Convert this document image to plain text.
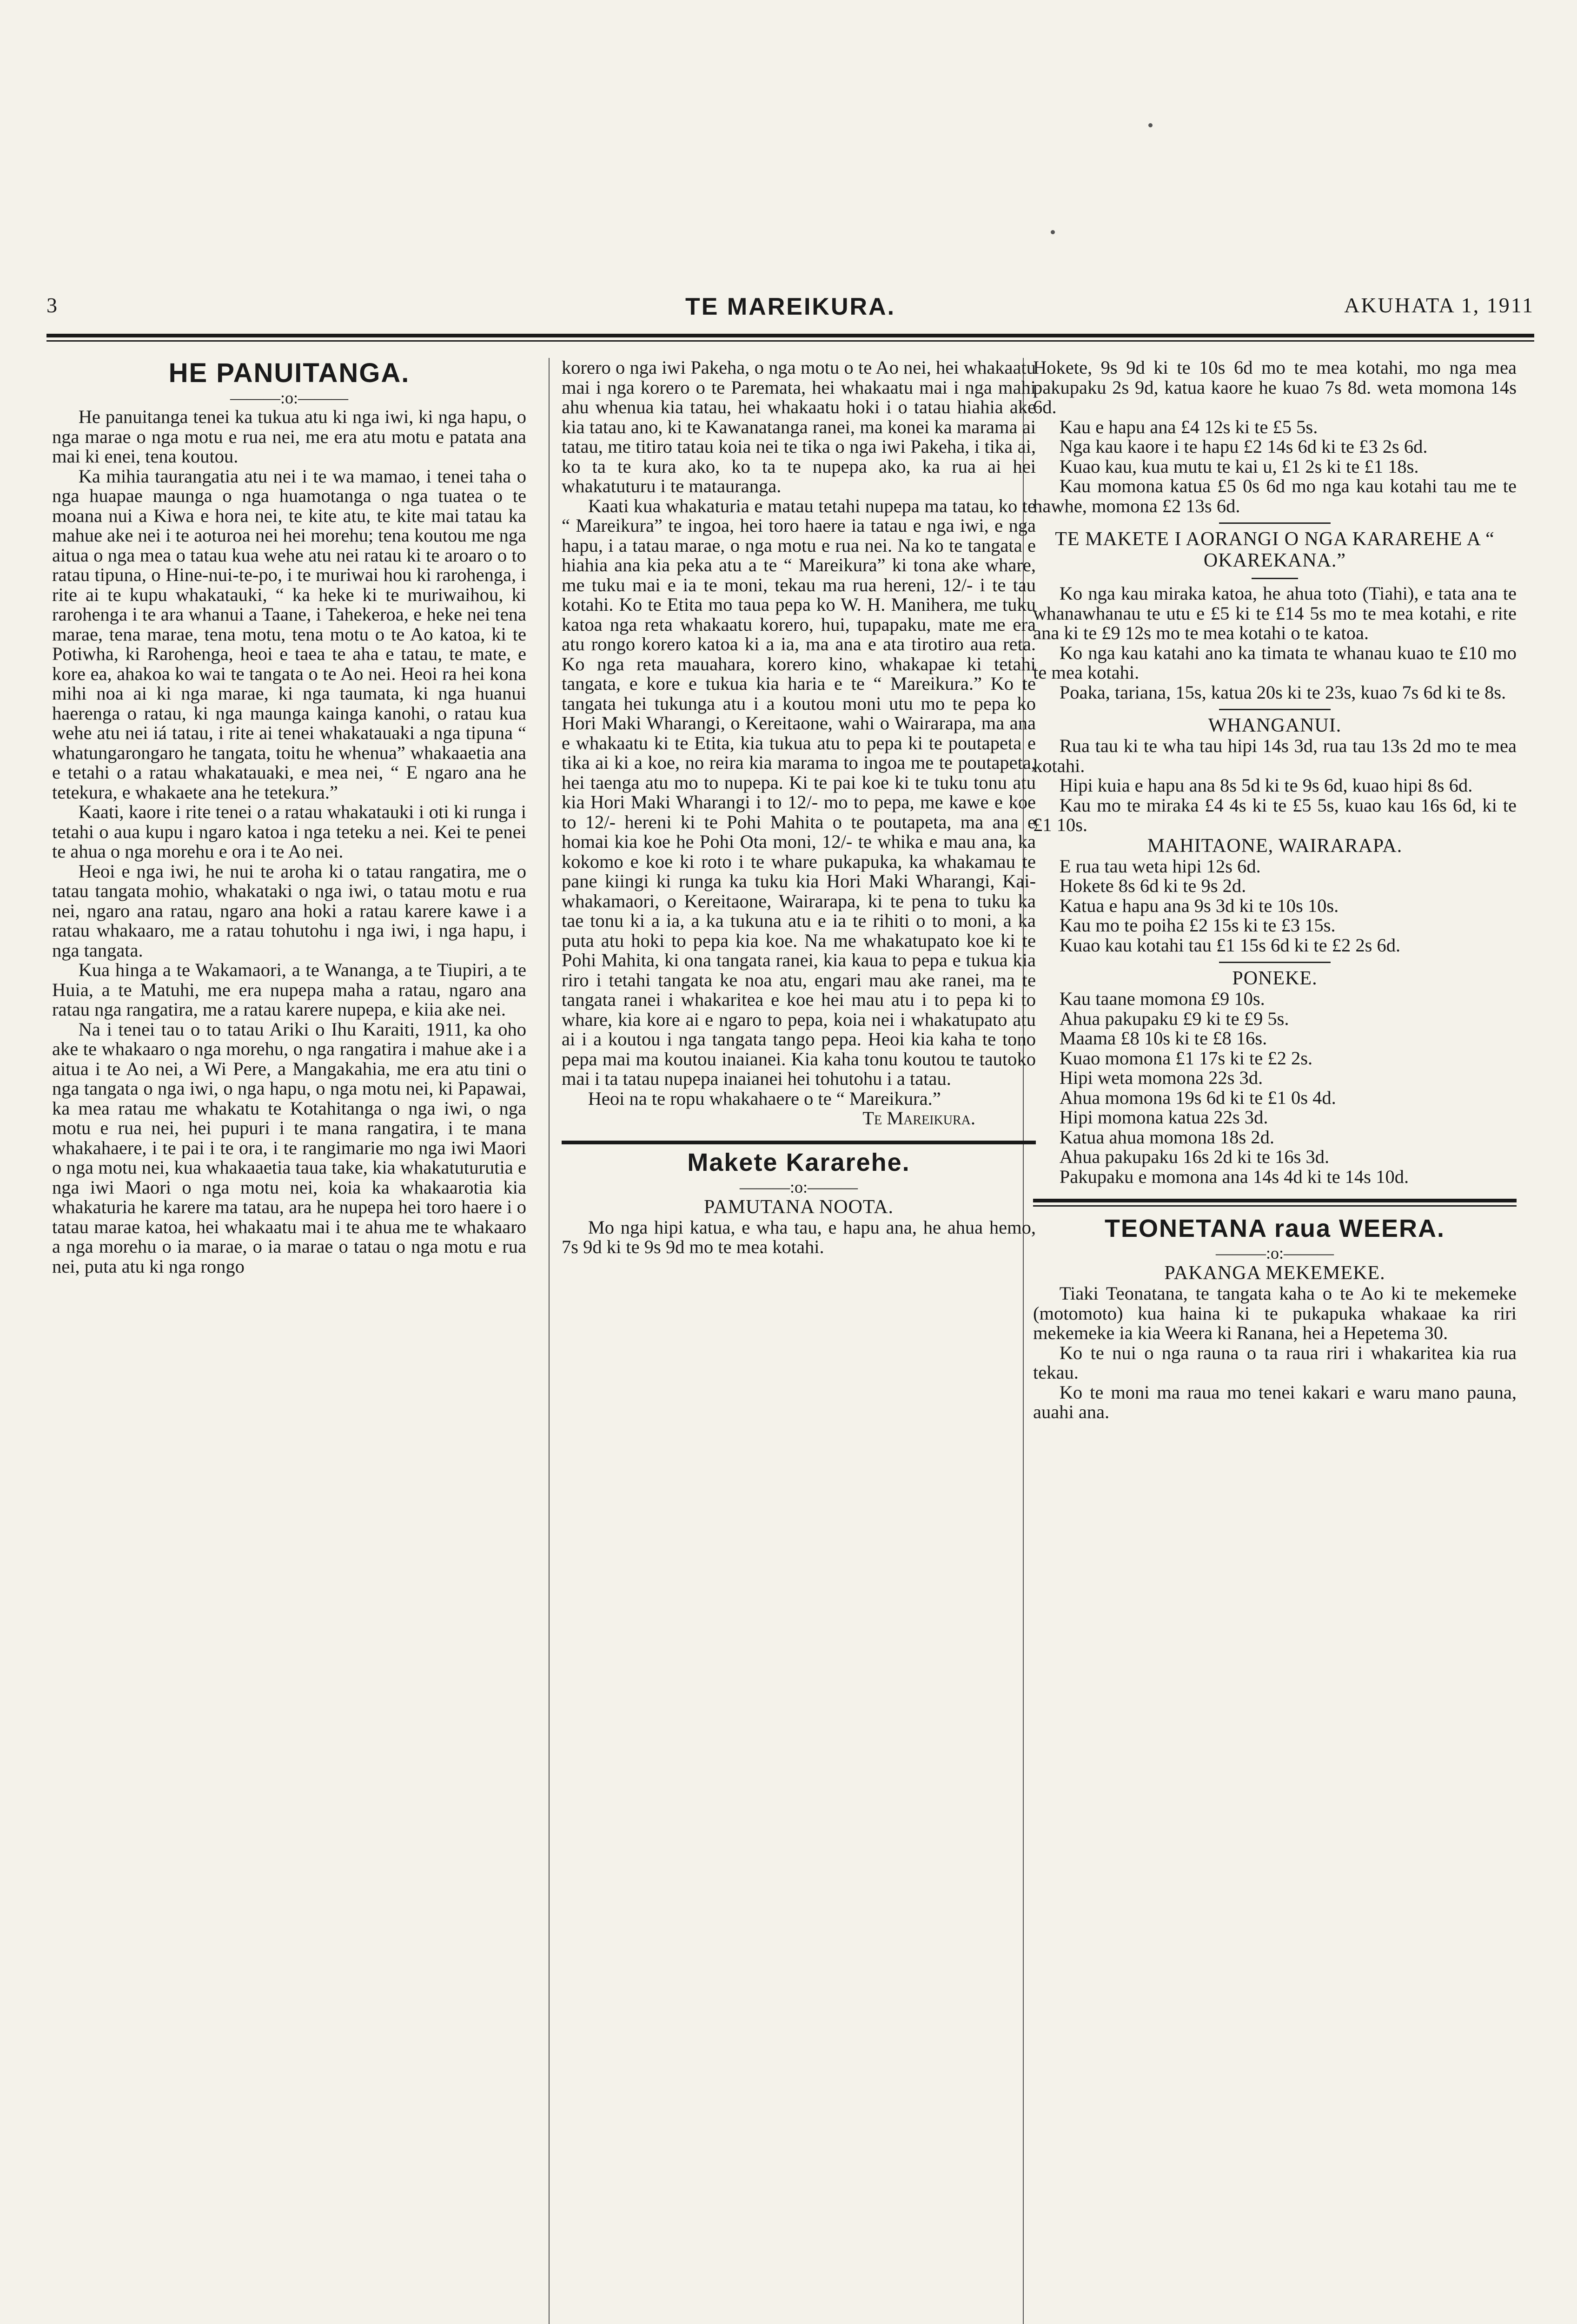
3	TE MAREIKURA.	AKUHATA 1, 1911
HE PANUITANGA.
———:o:———

He panuitanga tenei ka tukua atu ki nga iwi, ki nga hapu, o nga marae o nga motu e rua nei, me era atu motu e patata ana mai ki enei, tena koutou.

Ka mihia taurangatia atu nei i te wa mamao, i tenei taha o nga huapae maunga o nga huamotanga o nga tuatea o te moana nui a Kiwa e hora nei, te kite atu, te kite mai tatau ka mahue ake nei i te aoturoa nei hei morehu; tena koutou me nga aitua o nga mea o tatau kua wehe atu nei ratau ki te aroaro o to ratau tipuna, o Hine-nui-te-po, i te muriwai hou ki rarohenga, i rite ai te kupu whakatauki, “ ka heke ki te muriwaihou, ki rarohenga i te ara whanui a Taane, i Tahekeroa, e heke nei tena marae, tena marae, tena motu, tena motu o te Ao katoa, ki te Potiwha, ki Rarohenga, heoi e taea te aha e tatau, te mate, e kore ea, ahakoa ko wai te tangata o te Ao nei. Heoi ra hei kona mihi noa ai ki nga marae, ki nga taumata, ki nga huanui haerenga o ratau, ki nga maunga kainga kanohi, o ratau kua wehe atu nei iá tatau, i rite ai tenei whakatauaki a nga tipuna “ whatungarongaro he tangata, toitu he whenua” whakaaetia ana e tetahi o a ratau whakatauaki, e mea nei, “ E ngaro ana he tetekura, e whakaete ana he tetekura.”

Kaati, kaore i rite tenei o a ratau whakatauki i oti ki runga i tetahi o aua kupu i ngaro katoa i nga teteku a nei. Kei te penei te ahua o nga morehu e ora i te Ao nei.

Heoi e nga iwi, he nui te aroha ki o tatau rangatira, me o tatau tangata mohio, whakataki o nga iwi, o tatau motu e rua nei, ngaro ana ratau, ngaro ana hoki a ratau karere kawe i a ratau whakaaro, me a ratau tohutohu i nga iwi, i nga hapu, i nga tangata.

Kua hinga a te Wakamaori, a te Wananga, a te Tiupiri, a te Huia, a te Matuhi, me era nupepa maha a ratau, ngaro ana ratau nga rangatira, me a ratau karere nupepa, e kiia ake nei.

Na i tenei tau o to tatau Ariki o Ihu Karaiti, 1911, ka oho ake te whakaaro o nga morehu, o nga rangatira i mahue ake i a aitua i te Ao nei, a Wi Pere, a Mangakahia, me era atu tini o nga tangata o nga iwi, o nga hapu, o nga motu nei, ki Papawai, ka mea ratau me whakatu te Kotahitanga o nga iwi, o nga motu e rua nei, hei pupuri i te mana rangatira, i te mana whakahaere, i te pai i te ora, i te rangimarie mo nga iwi Maori o nga motu nei, kua whakaaetia taua take, kia whakatuturutia e nga iwi Maori o nga motu nei, koia ka whakaarotia kia whakaturia he karere ma tatau, ara he nupepa hei toro haere i o tatau marae katoa, hei whakaatu mai i te ahua me te whakaaro a nga morehu o ia marae, o ia marae o tatau o nga motu e rua nei, puta atu ki nga rongo

korero o nga iwi Pakeha, o nga motu o te Ao nei, hei whakaatu mai i nga korero o te Paremata, hei whakaatu mai i nga mahi ahu whenua kia tatau, hei whakaatu hoki i o tatau hiahia ake kia tatau ano, ki te Kawanatanga ranei, ma konei ka marama ai tatau, me titiro tatau koia nei te tika o nga iwi Pakeha, i tika ai, ko ta te kura ako, ko ta te nupepa ako, ka rua ai hei whakatuturu i te matauranga.

Kaati kua whakaturia e matau tetahi nupepa ma tatau, ko te “ Mareikura” te ingoa, hei toro haere ia tatau e nga iwi, e nga hapu, i a tatau marae, o nga motu e rua nei. Na ko te tangata e hiahia ana kia peka atu a te “ Mareikura” ki tona ake whare, me tuku mai e ia te moni, tekau ma rua hereni, 12/- i te tau kotahi. Ko te Etita mo taua pepa ko W. H. Manihera, me tuku katoa nga reta whakaatu korero, hui, tupapaku, mate me era atu rongo korero katoa ki a ia, ma ana e ata tirotiro aua reta. Ko nga reta mauahara, korero kino, whakapae ki tetahi tangata, e kore e tukua kia haria e te “ Mareikura.” Ko te tangata hei tukunga atu i a koutou moni utu mo te pepa ko Hori Maki Wharangi, o Kereitaone, wahi o Wairarapa, ma ana e whakaatu ki te Etita, kia tukua atu to pepa ki te poutapeta e tika ai ki a koe, no reira kia marama to ingoa me te poutapeta, hei taenga atu mo to nupepa. Ki te pai koe ki te tuku tonu atu kia Hori Maki Wharangi i to 12/- mo to pepa, me kawe e koe to 12/- hereni ki te Pohi Mahita o te poutapeta, ma ana e homai kia koe he Pohi Ota moni, 12/- te whika e mau ana, ka kokomo e koe ki roto i te whare pukapuka, ka whakamau te pane kiingi ki runga ka tuku kia Hori Maki Wharangi, Kai-whakamaori, o Kereitaone, Wairarapa, ki te pena to tuku ka tae tonu ki a ia, a ka tukuna atu e ia te rihiti o to moni, a ka puta atu hoki to pepa kia koe. Na me whakatupato koe ki te Pohi Mahita, ki ona tangata ranei, kia kaua to pepa e tukua kia riro i tetahi tangata ke noa atu, engari mau ake ranei, ma te tangata ranei i whakaritea e koe hei mau atu i to pepa ki to whare, kia kore ai e ngaro to pepa, koia nei i whakatupato atu ai i a koutou i nga tangata tango pepa. Heoi kia kaha te tono pepa mai ma koutou inaianei. Kia kaha tonu koutou te tautoko mai i ta tatau nupepa inaianei hei tohutohu i a tatau.

Heoi na te ropu whakahaere o te “ Mareikura.”

Te Mareikura.

Makete Kararehe.
———:o:———
PAMUTANA NOOTA.

Mo nga hipi katua, e wha tau, e hapu ana, he ahua hemo, 7s 9d ki te 9s 9d mo te mea kotahi.

Hokete, 9s 9d ki te 10s 6d mo te mea kotahi, mo nga mea pakupaku 2s 9d, katua kaore he kuao 7s 8d. weta momona 14s 6d.

Kau e hapu ana £4 12s ki te £5 5s.

Nga kau kaore i te hapu £2 14s 6d ki te £3 2s 6d.

Kuao kau, kua mutu te kai u, £1 2s ki te £1 18s.

Kau momona katua £5 0s 6d mo nga kau kotahi tau me te hawhe, momona £2 13s 6d.

TE MAKETE I AORANGI O NGA KARAREHE A “ OKAREKANA.”

Ko nga kau miraka katoa, he ahua toto (Tiahi), e tata ana te whanawhanau te utu e £5 ki te £14 5s mo te mea kotahi, e rite ana ki te £9 12s mo te mea kotahi o te katoa.

Ko nga kau katahi ano ka timata te whanau kuao te £10 mo te mea kotahi.

Poaka, tariana, 15s, katua 20s ki te 23s, kuao 7s 6d ki te 8s.

WHANGANUI.

Rua tau ki te wha tau hipi 14s 3d, rua tau 13s 2d mo te mea kotahi.

Hipi kuia e hapu ana 8s 5d ki te 9s 6d, kuao hipi 8s 6d.

Kau mo te miraka £4 4s ki te £5 5s, kuao kau 16s 6d, ki te £1 10s.

MAHITAONE, WAIRARAPA.

E rua tau weta hipi 12s 6d.

Hokete 8s 6d ki te 9s 2d.

Katua e hapu ana 9s 3d ki te 10s 10s.

Kau mo te poiha £2 15s ki te £3 15s.

Kuao kau kotahi tau £1 15s 6d ki te £2 2s 6d.

PONEKE.

Kau taane momona £9 10s.

Ahua pakupaku £9 ki te £9 5s.

Maama £8 10s ki te £8 16s.

Kuao momona £1 17s ki te £2 2s.

Hipi weta momona 22s 3d.

Ahua momona 19s 6d ki te £1 0s 4d.

Hipi momona katua 22s 3d.

Katua ahua momona 18s 2d.

Ahua pakupaku 16s 2d ki te 16s 3d.

Pakupaku e momona ana 14s 4d ki te 14s 10d.

TEONETANA raua WEERA.
———:o:———
PAKANGA MEKEMEKE.

Tiaki Teonatana, te tangata kaha o te Ao ki te mekemeke (motomoto) kua haina ki te pukapuka whakaae ka riri mekemeke ia kia Weera ki Ranana, hei a Hepetema 30.

Ko te nui o nga rauna o ta raua riri i whakaritea kia rua tekau.

Ko te moni ma raua mo tenei kakari e waru mano pauna, auahi ana.
